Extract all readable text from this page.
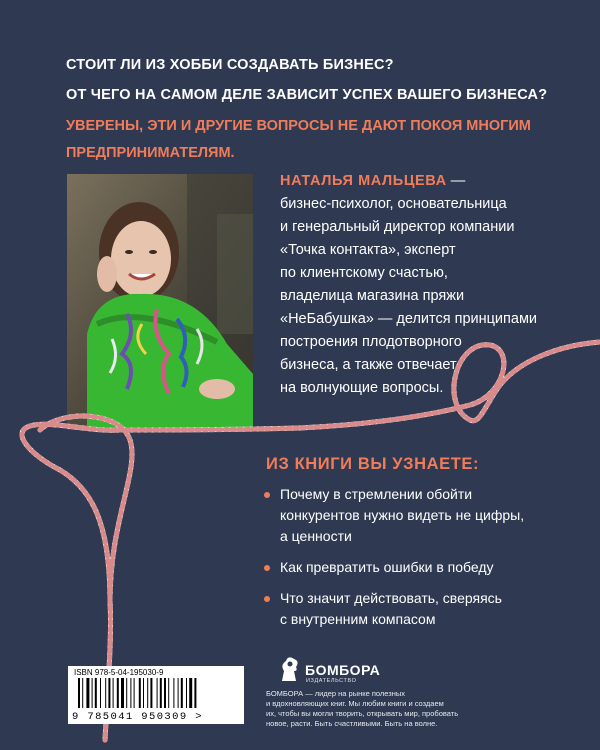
СТОИТ ЛИ ИЗ ХОББИ СОЗДАВАТЬ БИЗНЕС?
ОТ ЧЕГО НА САМОМ ДЕЛЕ ЗАВИСИТ УСПЕХ ВАШЕГО БИЗНЕСА?
УВЕРЕНЫ, ЭТИ И ДРУГИЕ ВОПРОСЫ НЕ ДАЮТ ПОКОЯ МНОГИМ
ПРЕДПРИНИМАТЕЛЯМ.
НАТАЛЬЯ МАЛЬЦЕВА —
бизнес-психолог, основательница
и генеральный директор компании
«Точка контакта», эксперт
по клиентскому счастью,
владелица магазина пряжи
«НеБабушка» — делится принципами
построения плодотворного
бизнеса, а также отвечает
на волнующие вопросы.
ИЗ КНИГИ ВЫ УЗНАЕТЕ:
Почему в стремлении обойти
конкурентов нужно видеть не цифры,
а ценности
Как превратить ошибки в победу
Что значит действовать, сверяясь
с внутренним компасом
ISBN 978-5-04-195030-9
9 785041 950309 >
БОМБОРА
ИЗДАТЕЛЬСТВО
БОМБОРА — лидер на рынке полезных
и вдохновляющих книг. Мы любим книги и создаем
их, чтобы вы могли творить, открывать мир, пробовать
новое, расти. Быть счастливыми. Быть на волне.
